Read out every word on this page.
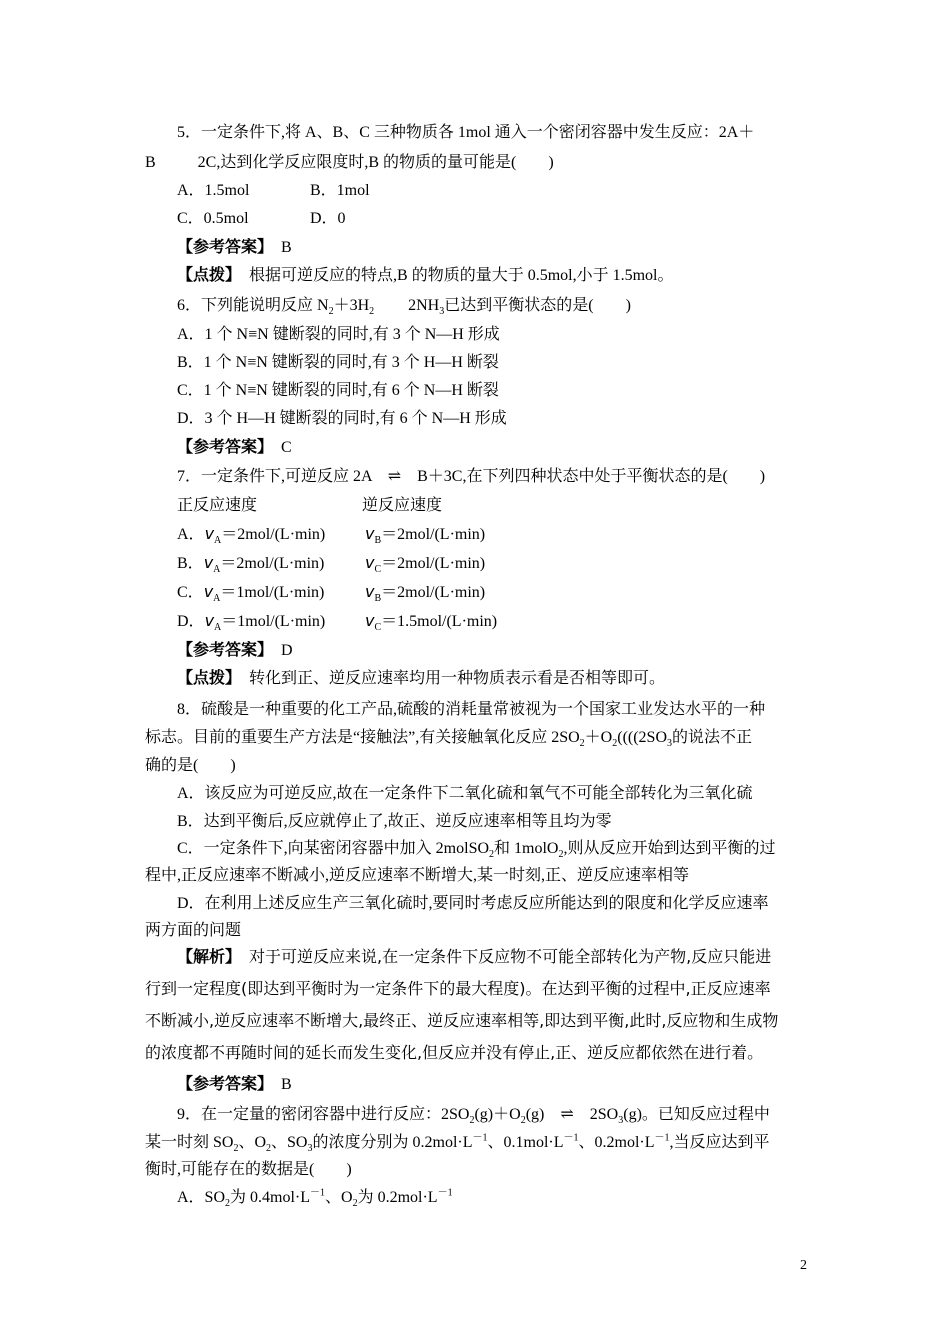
5．一定条件下,将 A、B、C 三种物质各 1mol 通入一个密闭容器中发生反应：2A＋
B	2C,达到化学反应限度时,B 的物质的量可能是(　　)
A．1.5mol	B．1mol
C．0.5mol	D．0
【参考答案】　 B
【点拨】　 根据可逆反应的特点,B 的物质的量大于 0.5mol,小于 1.5mol。
6．下列能说明反应 $N_2+3H_2$ $2NH_3$已达到平衡状态的是(　　)
A．1 个 N≡N 键断裂的同时,有 3 个 N—H 形成
B．1 个 N≡N 键断裂的同时,有 3 个 H—H 断裂
C．1 个 N≡N 键断裂的同时,有 6 个 N—H 断裂
D．3 个 H—H 键断裂的同时,有 6 个 N—H 形成
【参考答案】　 C
7．一定条件下,可逆反应 2A　 ⇌　 B＋3C,在下列四种状态中处于平衡状态的是(　　)
正反应速度	逆反应速度
A．$v_A=2mol/(L\cdot\min)$ $v_B=2mol/(L\cdot\min)$
B．$v_A=2mol/(L\cdot\min)$	$v_C=2mol/(L\cdot\min)$
C．$v_A=1mol/(L\cdot\min)$	$v_B=2mol/(L\cdot\min)$
D．$v_A=1mol/(L\cdot\min)$ $v_C=1.5mol/(L\cdot\min)$
【参考答案】　 D
【点拨】　 转化到正、逆反应速率均用一种物质表示看是否相等即可。
8．硫酸是一种重要的化工产品,硫酸的消耗量常被视为一个国家工业发达水平的一种
标志。目前的重要生产方法是“接触法”,有关接触氧化反应 $2SO_2+O_2((((2SO_3$的说法不正
确的是(　　)
A．该反应为可逆反应,故在一定条件下二氧化硫和氧气不可能全部转化为三氧化硫
B．达到平衡后,反应就停止了,故正、逆反应速率相等且均为零
C．一定条件下,向某密闭容器中加入 2molSO$_2$和 1molO$_2$,则从反应开始到达到平衡的过
程中,正反应速率不断减小,逆反应速率不断增大,某一时刻,正、逆反应速率相等
D．在利用上述反应生产三氧化硫时,要同时考虑反应所能达到的限度和化学反应速率
两方面的问题
【解析】　 对于可逆反应来说,在一定条件下反应物不可能全部转化为产物,反应只能进
行到一定程度(即达到平衡时为一定条件下的最大程度)。在达到平衡的过程中,正反应速率
不断减小,逆反应速率不断增大,最终正、逆反应速率相等,即达到平衡,此时,反应物和生成物
的浓度都不再随时间的延长而发生变化,但反应并没有停止,正、逆反应都依然在进行着。
【参考答案】　 B
9．在一定量的密闭容器中进行反应：$2SO_2(g)+O_2(g)$　 ⇌　 $2SO_3(g)$。已知反应过程中
某一时刻 $SO_2$、$O_2$、$SO_3$的浓度分别为 $0.2mol\cdot L^{-1}$、$0.1mol\cdot L^{-1}$、$0.2mol\cdot L^{-1}$,当反应达到平
衡时,可能存在的数据是(　　)
A．$SO_2$为 $0.4mol\cdot L^{-1}$、$O_2$为 $0.2mol\cdot L^{-1}$
2
